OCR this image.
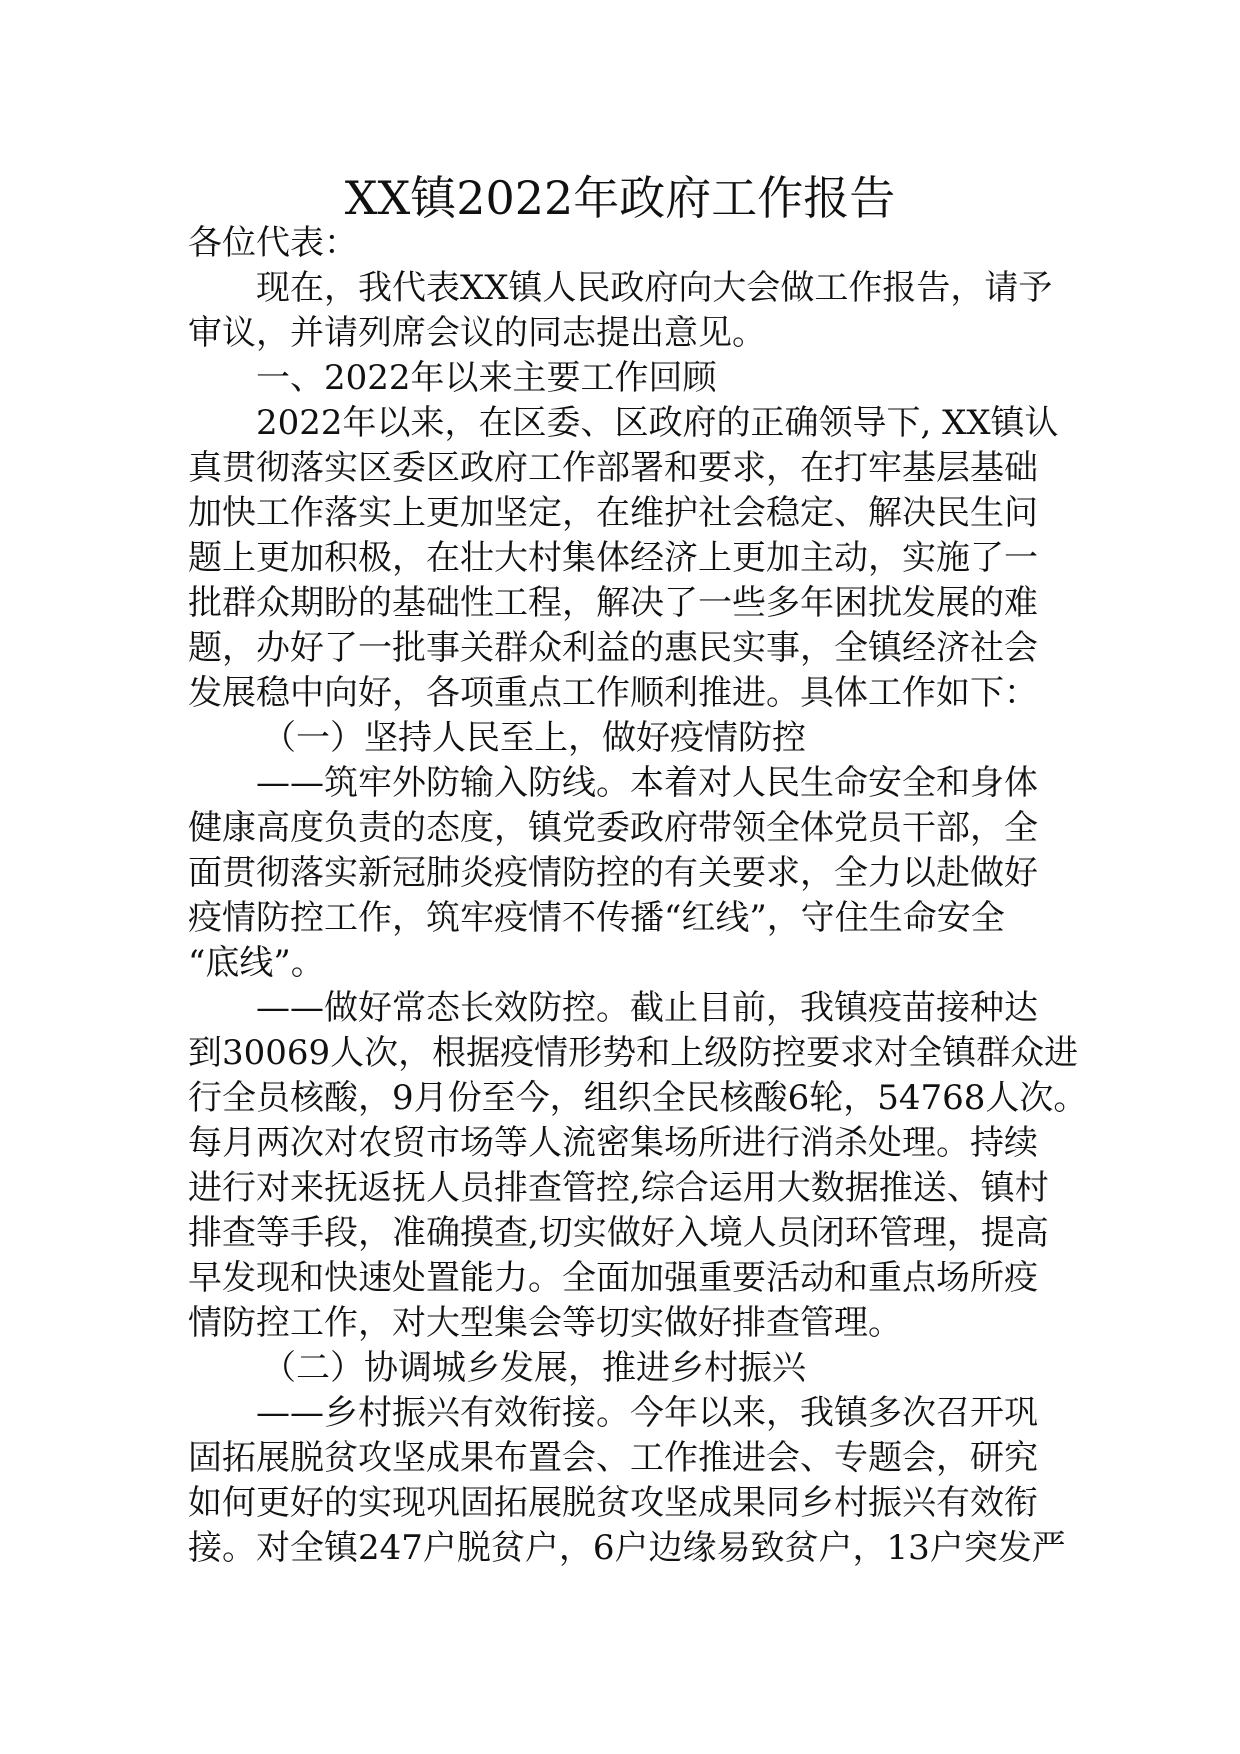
XX镇2022年政府工作报告
各位代表：
现在，我代表XX镇人民政府向大会做工作报告，请予
审议，并请列席会议的同志提出意见。
一、2022年以来主要工作回顾
2022年以来，在区委、区政府的正确领导下, XX镇认
真贯彻落实区委区政府工作部署和要求，在打牢基层基础
加快工作落实上更加坚定，在维护社会稳定、解决民生问
题上更加积极，在壮大村集体经济上更加主动，实施了一
批群众期盼的基础性工程，解决了一些多年困扰发展的难
题，办好了一批事关群众利益的惠民实事，全镇经济社会
发展稳中向好，各项重点工作顺利推进。具体工作如下：
（一）坚持人民至上，做好疫情防控
——筑牢外防输入防线。本着对人民生命安全和身体
健康高度负责的态度，镇党委政府带领全体党员干部，全
面贯彻落实新冠肺炎疫情防控的有关要求，全力以赴做好
疫情防控工作，筑牢疫情不传播“红线”，守住生命安全
“底线”。
——做好常态长效防控。截止目前，我镇疫苗接种达
到30069人次，根据疫情形势和上级防控要求对全镇群众进
行全员核酸，9月份至今，组织全民核酸6轮，54768人次。
每月两次对农贸市场等人流密集场所进行消杀处理。持续
进行对来抚返抚人员排查管控,综合运用大数据推送、镇村
排查等手段，准确摸查,切实做好入境人员闭环管理，提高
早发现和快速处置能力。全面加强重要活动和重点场所疫
情防控工作，对大型集会等切实做好排查管理。
（二）协调城乡发展，推进乡村振兴
——乡村振兴有效衔接。今年以来，我镇多次召开巩
固拓展脱贫攻坚成果布置会、工作推进会、专题会，研究
如何更好的实现巩固拓展脱贫攻坚成果同乡村振兴有效衔
接。对全镇247户脱贫户，6户边缘易致贫户，13户突发严
